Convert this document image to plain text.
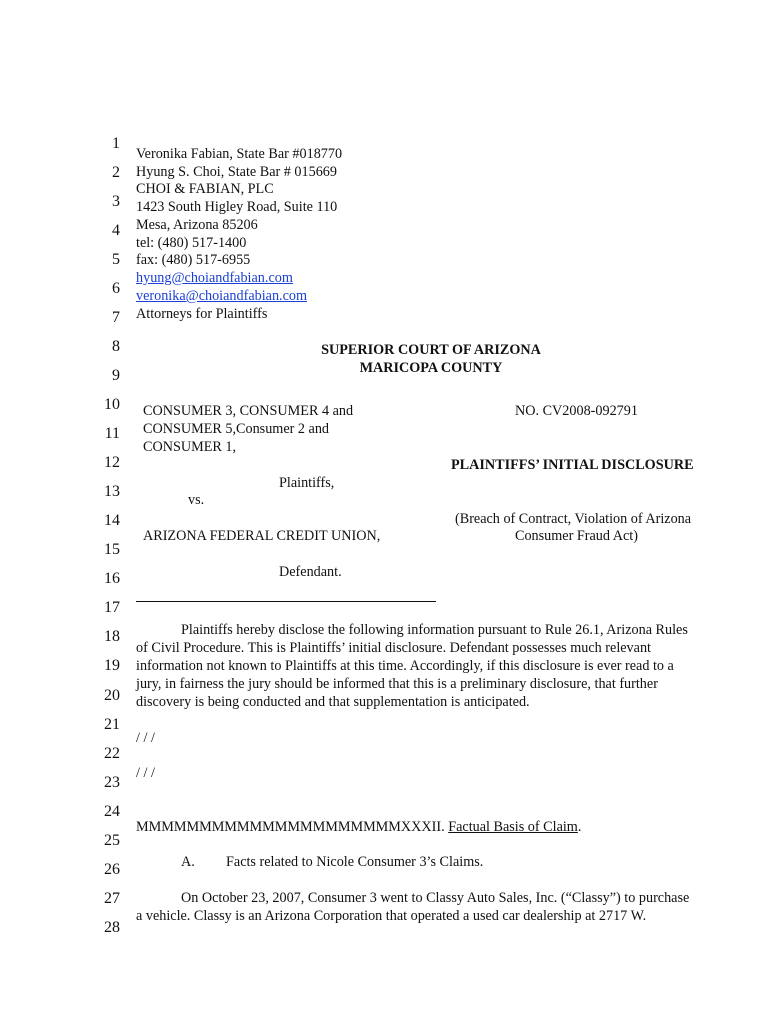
1
2
3
4
5
6
7
8
9
10
11
12
13
14
15
16
17
18
19
20
21
22
23
24
25
26
27
28
Veronika Fabian, State Bar #018770
Hyung S. Choi, State Bar # 015669
CHOI & FABIAN, PLC
1423 South Higley Road, Suite 110
Mesa, Arizona 85206
tel: (480) 517-1400
fax: (480) 517-6955
hyung@choiandfabian.com
veronika@choiandfabian.com
Attorneys for Plaintiffs
SUPERIOR COURT OF ARIZONA
MARICOPA COUNTY
CONSUMER 3, CONSUMER 4 and
CONSUMER 5,Consumer 2 and
CONSUMER 1,
Plaintiffs,
vs.
ARIZONA FEDERAL CREDIT UNION,
Defendant.
NO. CV2008-092791
PLAINTIFFS’ INITIAL DISCLOSURE
(Breach of Contract, Violation of Arizona
Consumer Fraud Act)
Plaintiffs hereby disclose the following information pursuant to Rule 26.1, Arizona Rules
of Civil Procedure. This is Plaintiffs’ initial disclosure. Defendant possesses much relevant
information not known to Plaintiffs at this time. Accordingly, if this disclosure is ever read to a
jury, in fairness the jury should be informed that this is a preliminary disclosure, that further
discovery is being conducted and that supplementation is anticipated.
/ / /
/ / /
MMMMMMMMMMMMMMMMMMMMMXXXII. Factual Basis of Claim.
A. Facts related to Nicole Consumer 3’s Claims.
On October 23, 2007, Consumer 3 went to Classy Auto Sales, Inc. (“Classy”) to purchase
a vehicle. Classy is an Arizona Corporation that operated a used car dealership at 2717 W.
